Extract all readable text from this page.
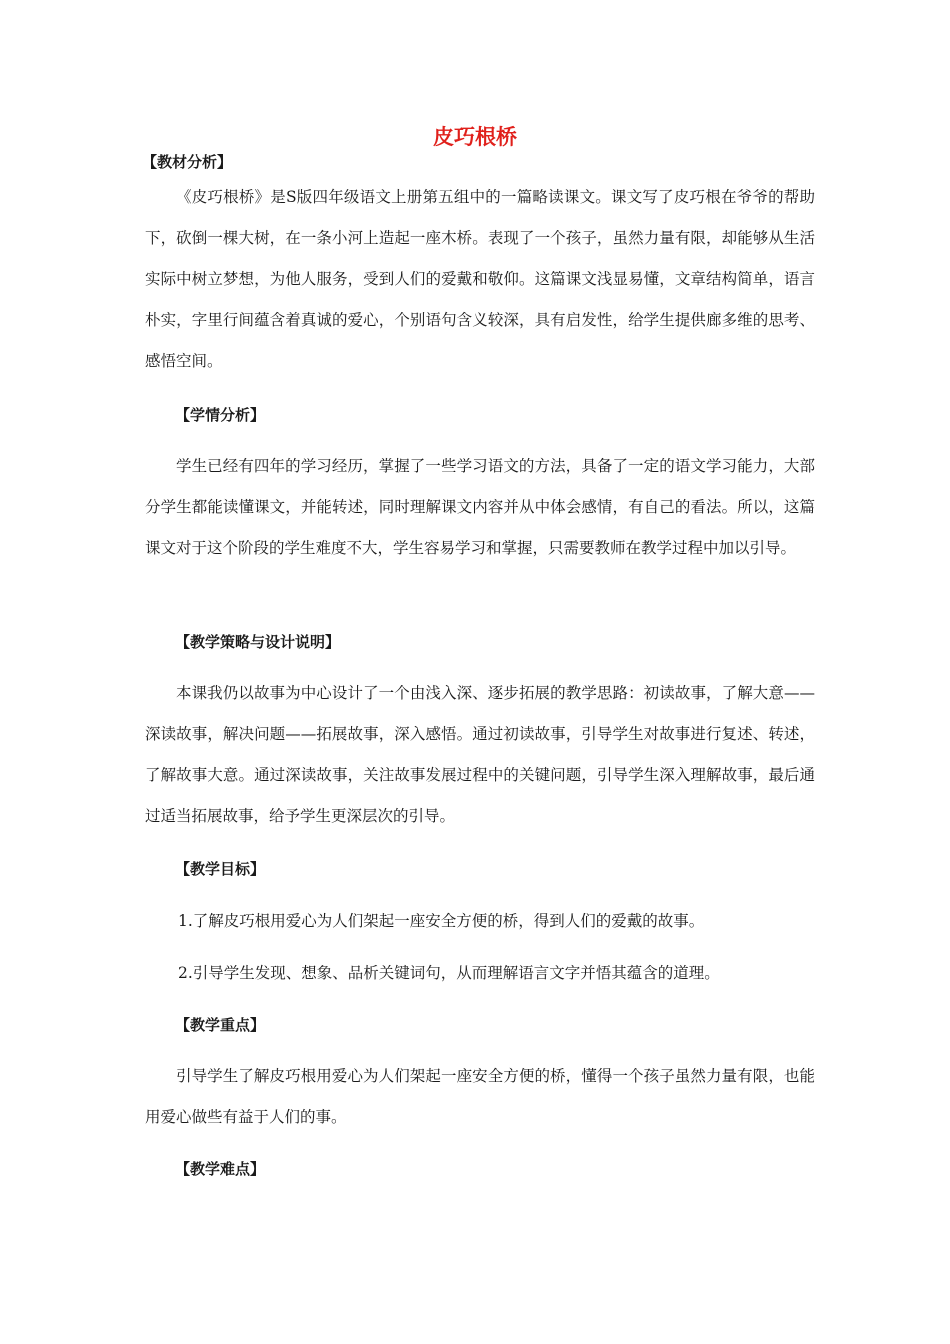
皮巧根桥
【教材分析】
《皮巧根桥》是S版四年级语文上册第五组中的一篇略读课文。课文写了皮巧根在爷爷的帮助下，砍倒一棵大树，在一条小河上造起一座木桥。表现了一个孩子，虽然力量有限，却能够从生活实际中树立梦想，为他人服务，受到人们的爱戴和敬仰。这篇课文浅显易懂，文章结构简单，语言朴实，字里行间蕴含着真诚的爱心，个别语句含义较深，具有启发性，给学生提供廊多维的思考、感悟空间。
【学情分析】
学生已经有四年的学习经历，掌握了一些学习语文的方法，具备了一定的语文学习能力，大部分学生都能读懂课文，并能转述，同时理解课文内容并从中体会感情，有自己的看法。所以，这篇课文对于这个阶段的学生难度不大，学生容易学习和掌握，只需要教师在教学过程中加以引导。
【教学策略与设计说明】
本课我仍以故事为中心设计了一个由浅入深、逐步拓展的教学思路：初读故事，了解大意——深读故事，解决问题——拓展故事，深入感悟。通过初读故事，引导学生对故事进行复述、转述，了解故事大意。通过深读故事，关注故事发展过程中的关键问题，引导学生深入理解故事，最后通过适当拓展故事，给予学生更深层次的引导。
【教学目标】
1.了解皮巧根用爱心为人们架起一座安全方便的桥，得到人们的爱戴的故事。
2.引导学生发现、想象、品析关键词句，从而理解语言文字并悟其蕴含的道理。
【教学重点】
引导学生了解皮巧根用爱心为人们架起一座安全方便的桥，懂得一个孩子虽然力量有限，也能用爱心做些有益于人们的事。
【教学难点】
